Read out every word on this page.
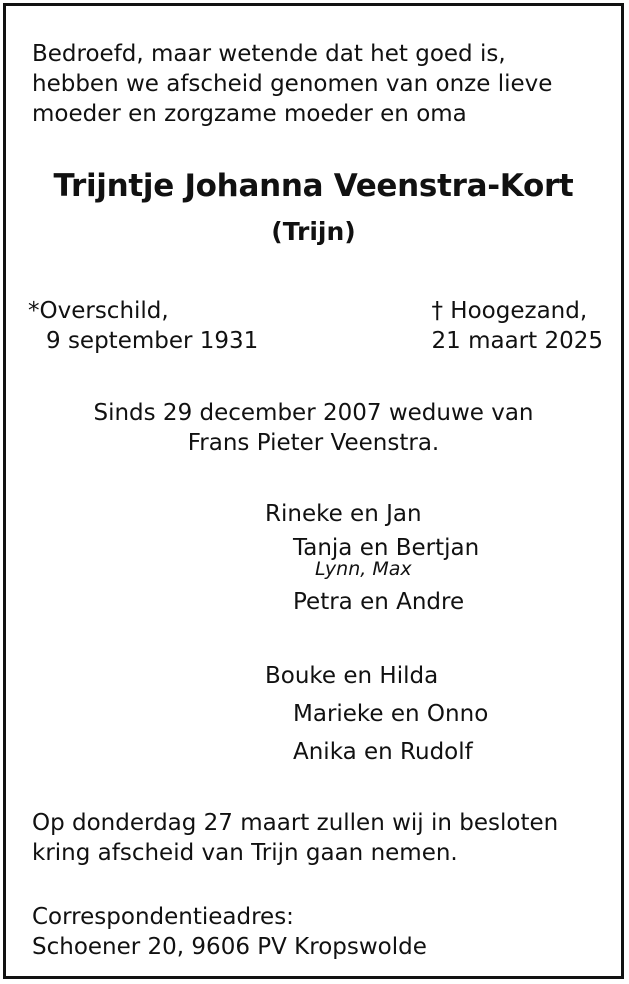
Bedroefd, maar wetende dat het goed is,
hebben we afscheid genomen van onze lieve
moeder en zorgzame moeder en oma
Trijntje Johanna Veenstra-Kort
(Trijn)
*Overschild,
9 september 1931
† Hoogezand,
21 maart 2025
Sinds 29 december 2007 weduwe van
Frans Pieter Veenstra.
Rineke en Jan
Tanja en Bertjan
Lynn, Max
Petra en Andre
Bouke en Hilda
Marieke en Onno
Anika en Rudolf
Op donderdag 27 maart zullen wij in besloten
kring afscheid van Trijn gaan nemen.
Correspondentieadres:
Schoener 20, 9606 PV Kropswolde
